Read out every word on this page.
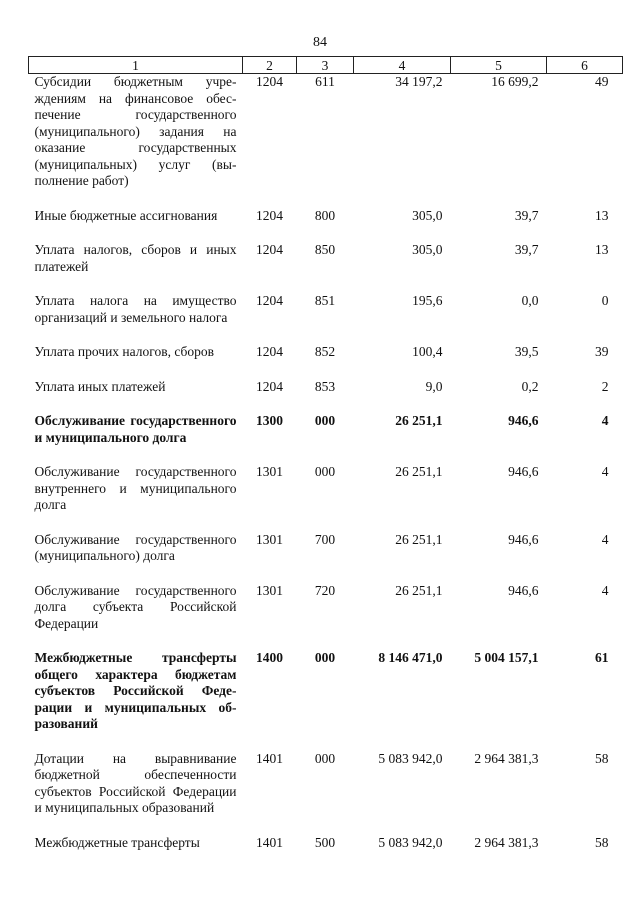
84
1	2	3	4	5	6
Субсидии бюджетным учреждениям на финансовое обеспечение государственного (муниципального) задания на оказание государственных (муниципальных) услуг (выполнение работ)	1204	611	34 197,2	16 699,2	49
Иные бюджетные ассигнования	1204	800	305,0	39,7	13
Уплата налогов, сборов и иных платежей	1204	850	305,0	39,7	13
Уплата налога на имущество организаций и земельного налога	1204	851	195,6	0,0	0
Уплата прочих налогов, сборов	1204	852	100,4	39,5	39
Уплата иных платежей	1204	853	9,0	0,2	2
Обслуживание государственного и муниципального долга	1300	000	26 251,1	946,6	4
Обслуживание государственного внутреннего и муниципального долга	1301	000	26 251,1	946,6	4
Обслуживание государственного (муниципального) долга	1301	700	26 251,1	946,6	4
Обслуживание государственного долга субъекта Российской Федерации	1301	720	26 251,1	946,6	4
Межбюджетные трансферты общего характера бюджетам субъектов Российской Федерации и муниципальных образований	1400	000	8 146 471,0	5 004 157,1	61
Дотации на выравнивание бюджетной обеспеченности субъектов Российской Федерации и муниципальных образований	1401	000	5 083 942,0	2 964 381,3	58
Межбюджетные трансферты	1401	500	5 083 942,0	2 964 381,3	58
